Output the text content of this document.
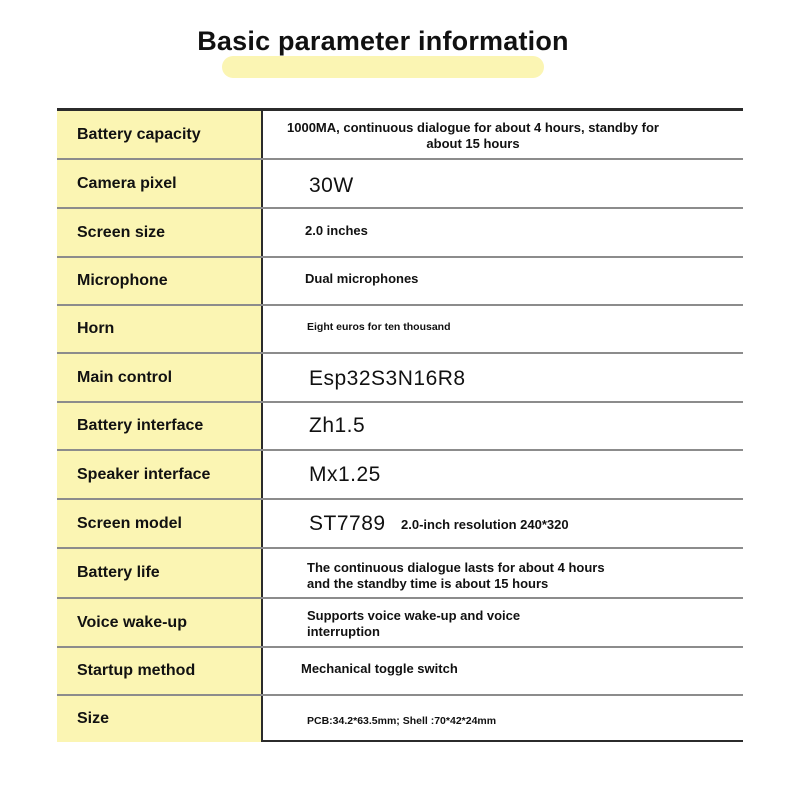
Basic parameter information
Battery capacity	1000MA, continuous dialogue for about 4 hours, standby for
about 15 hours
Camera pixel	30W
Screen size	2.0 inches
Microphone	Dual microphones
Horn	Eight euros for ten thousand
Main control	Esp32S3N16R8
Battery interface	Zh1.5
Speaker interface	Mx1.25
Screen model	ST7789 2.0-inch resolution 240*320
Battery life	The continuous dialogue lasts for about 4 hours
and the standby time is about 15 hours
Voice wake-up	Supports voice wake-up and voice
interruption
Startup method	Mechanical toggle switch
Size	PCB:34.2*63.5mm; Shell :70*42*24mm
